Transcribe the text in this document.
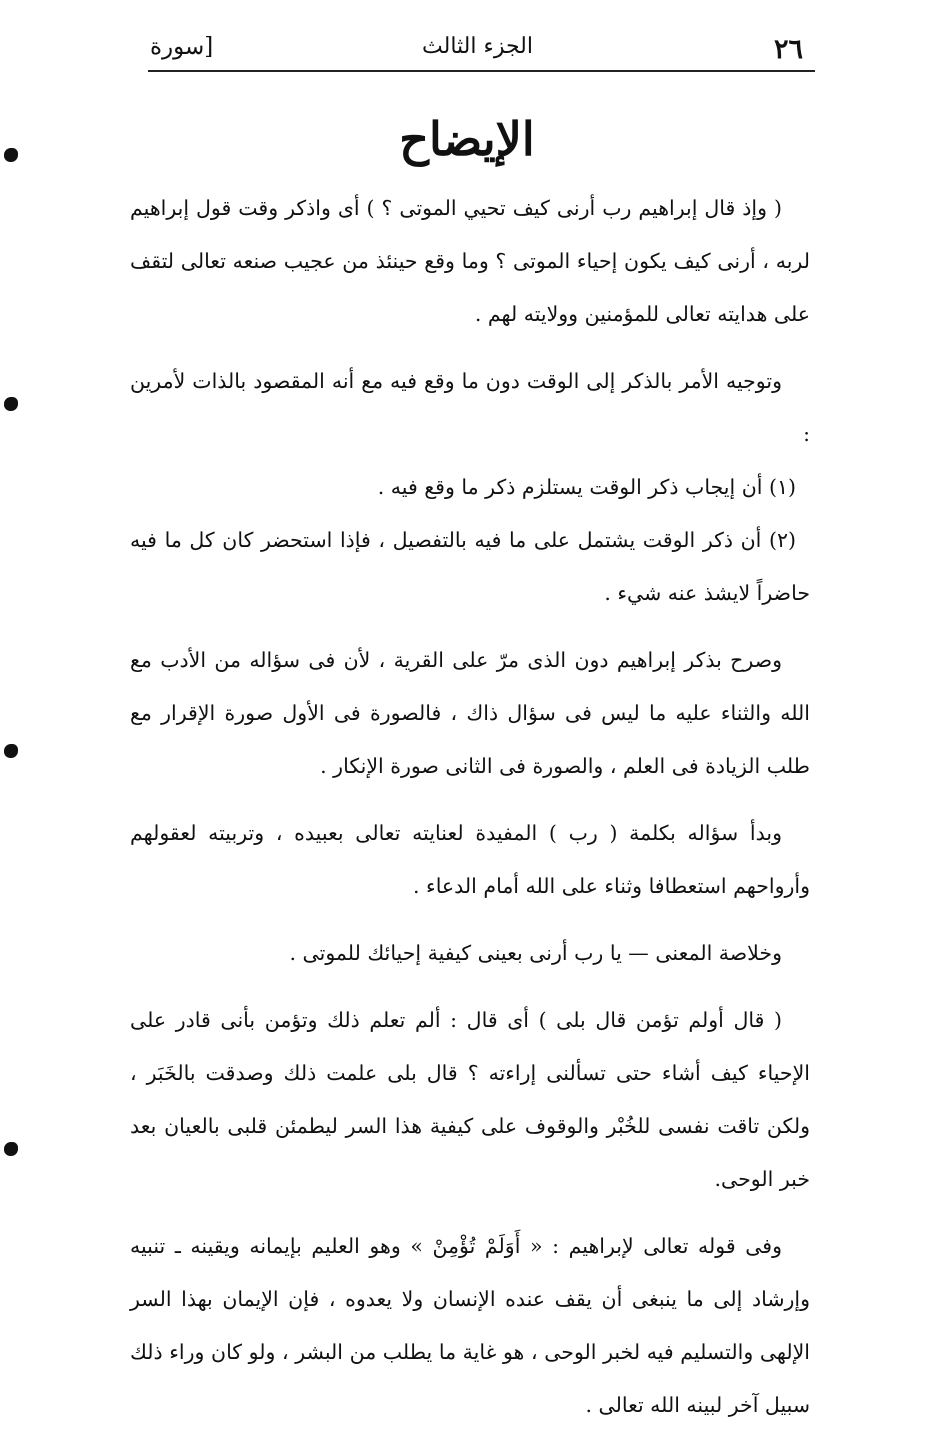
٢٦
الجزء الثالث
[سورة
الإيضاح

( وإذ قال إبراهيم رب أرنى كيف تحيي الموتى ؟ ) أى واذكر وقت قول إبراهيم لربه ، أرنى كيف يكون إحياء الموتى ؟ وما وقع حينئذ من عجيب صنعه تعالى لتقف على هدايته تعالى للمؤمنين وولايته لهم .

وتوجيه الأمر بالذكر إلى الوقت دون ما وقع فيه مع أنه المقصود بالذات لأمرين :

(١) أن إيجاب ذكر الوقت يستلزم ذكر ما وقع فيه .

(٢) أن ذكر الوقت يشتمل على ما فيه بالتفصيل ، فإذا استحضر كان كل ما فيه حاضراً لايشذ عنه شيء .

وصرح بذكر إبراهيم دون الذى مرّ على القرية ، لأن فى سؤاله من الأدب مع الله والثناء عليه ما ليس فى سؤال ذاك ، فالصورة فى الأول صورة الإقرار مع طلب الزيادة فى العلم ، والصورة فى الثانى صورة الإنكار .

وبدأ سؤاله بكلمة ( رب ) المفيدة لعنايته تعالى بعبيده ، وتربيته لعقولهم وأرواحهم استعطافا وثناء على الله أمام الدعاء .

وخلاصة المعنى — يا رب أرنى بعينى كيفية إحيائك للموتى .

( قال أولم تؤمن قال بلى ) أى قال : ألم تعلم ذلك وتؤمن بأنى قادر على الإحياء كيف أشاء حتى تسألنى إراءته ؟ قال بلى علمت ذلك وصدقت بالخَبَر ، ولكن تاقت نفسى للخُبْر والوقوف على كيفية هذا السر ليطمئن قلبى بالعيان بعد خبر الوحى.

وفى قوله تعالى لإبراهيم : « أَوَلَمْ تُؤْمِنْ » وهو العليم بإيمانه ويقينه ـ تنبيه وإرشاد إلى ما ينبغى أن يقف عنده الإنسان ولا يعدوه ، فإن الإيمان بهذا السر الإلهى والتسليم فيه لخبر الوحى ، هو غاية ما يطلب من البشر ، ولو كان وراء ذلك سبيل آخر لبينه الله تعالى .
